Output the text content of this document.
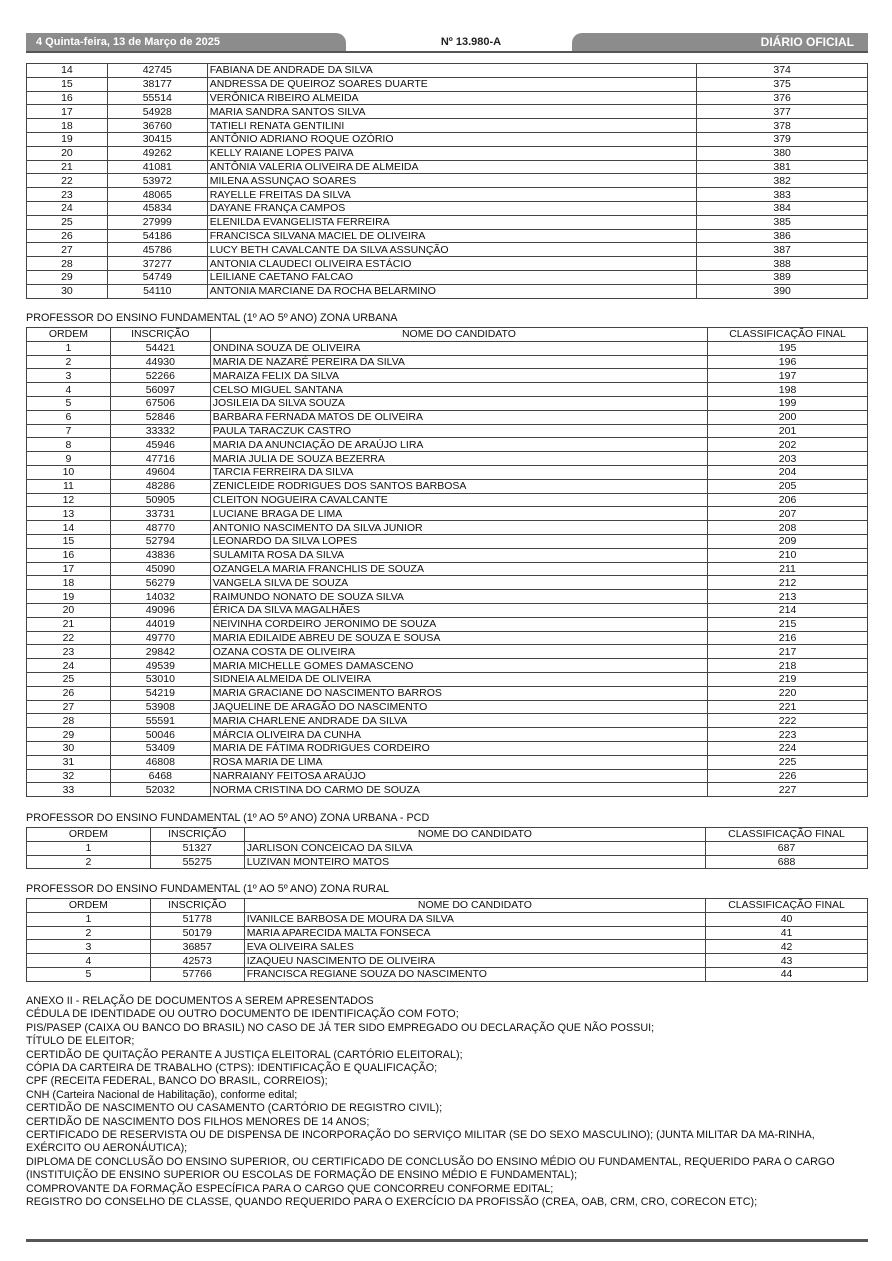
4 Quinta-feira, 13 de Março de 2025	Nº 13.980-A	DIÁRIO OFICIAL
14	42745	FABIANA DE ANDRADE DA SILVA	374
15	38177	ANDRESSA DE QUEIROZ SOARES DUARTE	375
16	55514	VERÔNICA RIBEIRO ALMEIDA	376
17	54928	MARIA SANDRA SANTOS SILVA	377
18	36760	TATIELI RENATA GENTILINI	378
19	30415	ANTÔNIO ADRIANO ROQUE OZÓRIO	379
20	49262	KELLY RAIANE LOPES PAIVA	380
21	41081	ANTÔNIA VALERIA OLIVEIRA DE ALMEIDA	381
22	53972	MILENA ASSUNÇAO SOARES	382
23	48065	RAYELLE FREITAS DA SILVA	383
24	45834	DAYANE FRANÇA CAMPOS	384
25	27999	ELENILDA EVANGELISTA FERREIRA	385
26	54186	FRANCISCA SILVANA MACIEL DE OLIVEIRA	386
27	45786	LUCY BETH CAVALCANTE DA SILVA ASSUNÇÃO	387
28	37277	ANTONIA CLAUDECI OLIVEIRA ESTÁCIO	388
29	54749	LEILIANE CAETANO FALCAO	389
30	54110	ANTONIA MARCIANE DA ROCHA BELARMINO	390
PROFESSOR DO ENSINO FUNDAMENTAL (1º AO 5º ANO) ZONA URBANA
ORDEM	INSCRIÇÃO	NOME DO CANDIDATO	CLASSIFICAÇÃO FINAL
1	54421	ONDINA SOUZA DE OLIVEIRA	195
2	44930	MARIA DE NAZARÉ PEREIRA DA SILVA	196
3	52266	MARAIZA FELIX DA SILVA	197
4	56097	CELSO MIGUEL SANTANA	198
5	67506	JOSILEIA DA SILVA SOUZA	199
6	52846	BARBARA FERNADA MATOS DE OLIVEIRA	200
7	33332	PAULA TARACZUK CASTRO	201
8	45946	MARIA DA ANUNCIAÇÃO DE ARAÚJO LIRA	202
9	47716	MARIA JULIA DE SOUZA BEZERRA	203
10	49604	TARCIA FERREIRA DA SILVA	204
11	48286	ZENICLEIDE RODRIGUES DOS SANTOS BARBOSA	205
12	50905	CLEITON NOGUEIRA CAVALCANTE	206
13	33731	LUCIANE BRAGA DE LIMA	207
14	48770	ANTONIO NASCIMENTO DA SILVA JUNIOR	208
15	52794	LEONARDO DA SILVA LOPES	209
16	43836	SULAMITA ROSA DA SILVA	210
17	45090	OZANGELA MARIA FRANCHLIS DE SOUZA	211
18	56279	VANGELA SILVA DE SOUZA	212
19	14032	RAIMUNDO NONATO DE SOUZA SILVA	213
20	49096	ÉRICA DA SILVA MAGALHÃES	214
21	44019	NEIVINHA CORDEIRO JERONIMO DE SOUZA	215
22	49770	MARIA EDILAIDE ABREU DE SOUZA E SOUSA	216
23	29842	OZANA COSTA DE OLIVEIRA	217
24	49539	MARIA MICHELLE GOMES DAMASCENO	218
25	53010	SIDNEIA ALMEIDA DE OLIVEIRA	219
26	54219	MARIA GRACIANE DO NASCIMENTO BARROS	220
27	53908	JAQUELINE DE ARAGÃO DO NASCIMENTO	221
28	55591	MARIA CHARLENE ANDRADE DA SILVA	222
29	50046	MÁRCIA OLIVEIRA DA CUNHA	223
30	53409	MARIA DE FÁTIMA RODRIGUES CORDEIRO	224
31	46808	ROSA MARIA DE LIMA	225
32	6468	NARRAIANY FEITOSA ARAÚJO	226
33	52032	NORMA CRISTINA DO CARMO DE SOUZA	227
PROFESSOR DO ENSINO FUNDAMENTAL (1º AO 5º ANO) ZONA URBANA - PCD
ORDEM	INSCRIÇÃO	NOME DO CANDIDATO	CLASSIFICAÇÃO FINAL
1	51327	JARLISON CONCEICAO DA SILVA	687
2	55275	LUZIVAN MONTEIRO MATOS	688
PROFESSOR DO ENSINO FUNDAMENTAL (1º AO 5º ANO) ZONA RURAL
ORDEM	INSCRIÇÃO	NOME DO CANDIDATO	CLASSIFICAÇÃO FINAL
1	51778	IVANILCE BARBOSA DE MOURA DA SILVA	40
2	50179	MARIA APARECIDA MALTA FONSECA	41
3	36857	EVA OLIVEIRA SALES	42
4	42573	IZAQUEU NASCIMENTO DE OLIVEIRA	43
5	57766	FRANCISCA REGIANE SOUZA DO NASCIMENTO	44
ANEXO II - RELAÇÃO DE DOCUMENTOS A SEREM APRESENTADOS
CÉDULA DE IDENTIDADE OU OUTRO DOCUMENTO DE IDENTIFICAÇÃO COM FOTO;
PIS/PASEP (CAIXA OU BANCO DO BRASIL) NO CASO DE JÁ TER SIDO EMPREGADO OU DECLARAÇÃO QUE NÃO POSSUI;
TÍTULO DE ELEITOR;
CERTIDÃO DE QUITAÇÃO PERANTE A JUSTIÇA ELEITORAL (CARTÓRIO ELEITORAL);
CÓPIA DA CARTEIRA DE TRABALHO (CTPS): IDENTIFICAÇÃO E QUALIFICAÇÃO;
CPF (RECEITA FEDERAL, BANCO DO BRASIL, CORREIOS);
CNH (Carteira Nacional de Habilitação), conforme edital;
CERTIDÃO DE NASCIMENTO OU CASAMENTO (CARTÓRIO DE REGISTRO CIVIL);
CERTIDÃO DE NASCIMENTO DOS FILHOS MENORES DE 14 ANOS;
CERTIFICADO DE RESERVISTA OU DE DISPENSA DE INCORPORAÇÃO DO SERVIÇO MILITAR (SE DO SEXO MASCULINO); (JUNTA MILITAR DA MA-RINHA, EXÉRCITO OU AERONÁUTICA);
DIPLOMA DE CONCLUSÃO DO ENSINO SUPERIOR, OU CERTIFICADO DE CONCLUSÃO DO ENSINO MÉDIO OU FUNDAMENTAL, REQUERIDO PARA O CARGO (INSTITUIÇÃO DE ENSINO SUPERIOR OU ESCOLAS DE FORMAÇÃO DE ENSINO MÉDIO E FUNDAMENTAL);
COMPROVANTE DA FORMAÇÃO ESPECÍFICA PARA O CARGO QUE CONCORREU CONFORME EDITAL;
REGISTRO DO CONSELHO DE CLASSE, QUANDO REQUERIDO PARA O EXERCÍCIO DA PROFISSÃO (CREA, OAB, CRM, CRO, CORECON ETC);
